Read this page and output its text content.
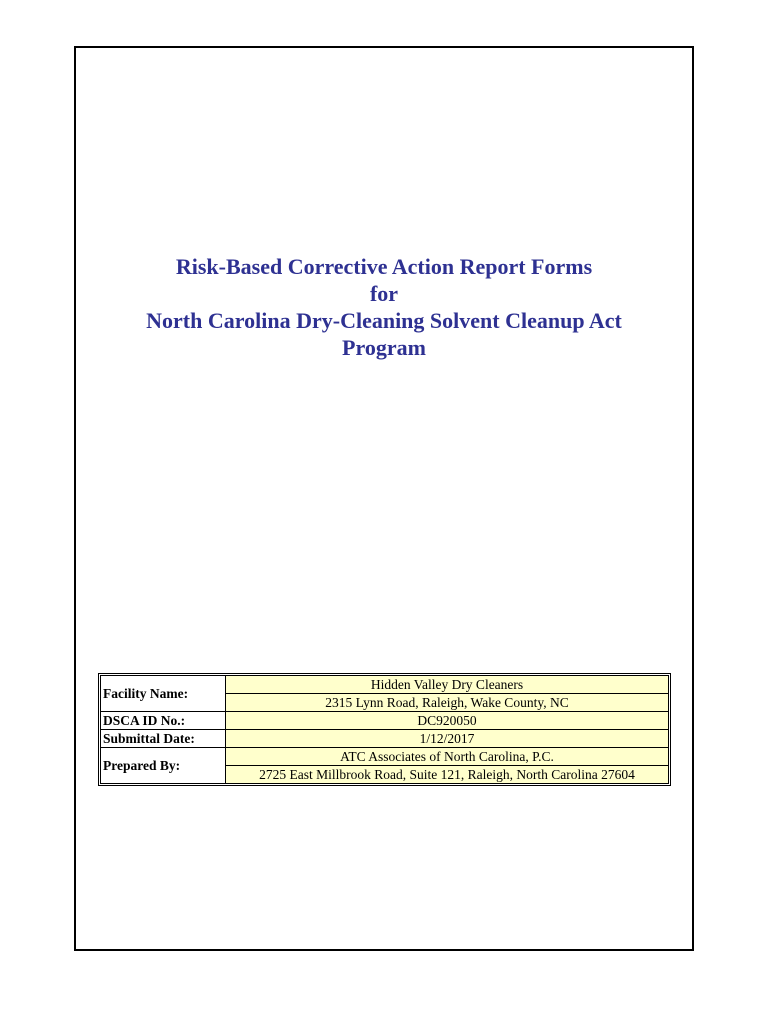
Risk-Based Corrective Action Report Forms
for
North Carolina Dry-Cleaning Solvent Cleanup Act
Program
Facility Name:	Hidden Valley Dry Cleaners
	2315 Lynn Road, Raleigh, Wake County, NC
DSCA ID No.:	DC920050
Submittal Date:	1/12/2017
Prepared By:	ATC Associates of North Carolina, P.C.
	2725 East Millbrook Road, Suite 121, Raleigh, North Carolina 27604
